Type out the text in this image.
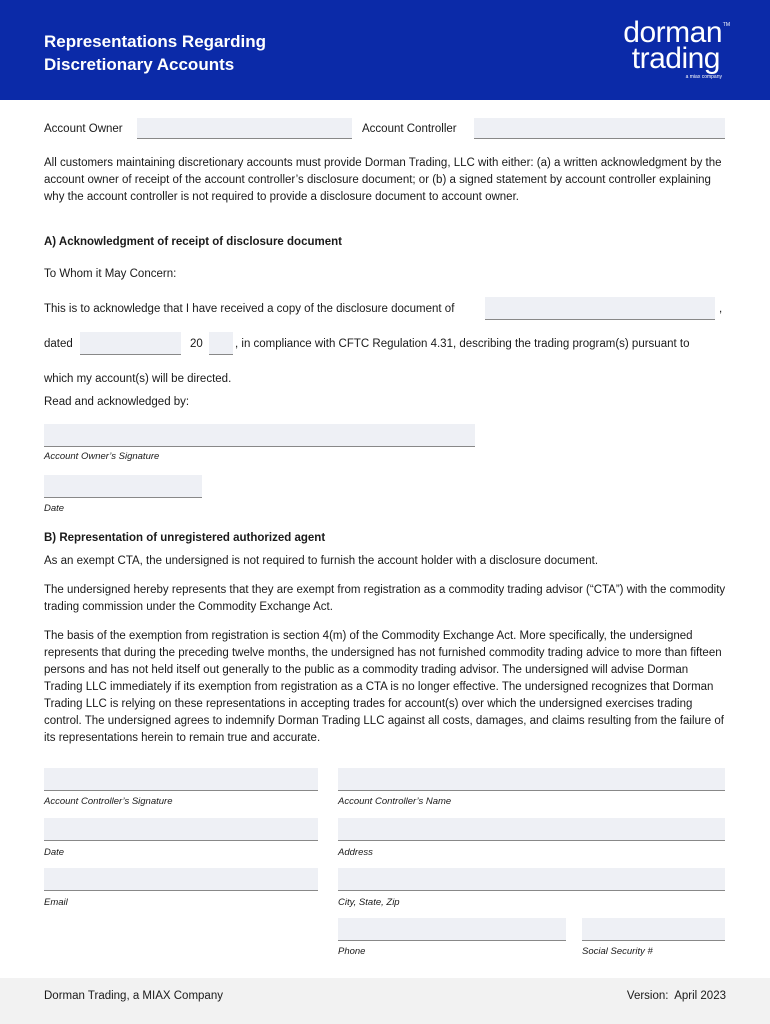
Representations Regarding
Discretionary Accounts
TM
dorman
trading
a miax company
Account Owner	Account Controller
All customers maintaining discretionary accounts must provide Dorman Trading, LLC with either: (a) a written acknowledgment by the account owner of receipt of the account controller’s disclosure document; or (b) a signed statement by account controller explaining why the account controller is not required to provide a disclosure document to account owner.
A) Acknowledgment of receipt of disclosure document
To Whom it May Concern:
This is to acknowledge that I have received a copy of the disclosure document of	,
dated	20	, in compliance with CFTC Regulation 4.31, describing the trading program(s) pursuant to
which my account(s) will be directed.
Read and acknowledged by:
Account Owner’s Signature
Date
B) Representation of unregistered authorized agent
As an exempt CTA, the undersigned is not required to furnish the account holder with a disclosure document.
The undersigned hereby represents that they are exempt from registration as a commodity trading advisor (“CTA”) with the commodity trading commission under the Commodity Exchange Act.
The basis of the exemption from registration is section 4(m) of the Commodity Exchange Act. More specifically, the undersigned represents that during the preceding twelve months, the undersigned has not furnished commodity trading advice to more than fifteen persons and has not held itself out generally to the public as a commodity trading advisor. The undersigned will advise Dorman Trading LLC immediately if its exemption from registration as a CTA is no longer effective. The undersigned recognizes that Dorman Trading LLC is relying on these representations in accepting trades for account(s) over which the undersigned exercises trading control. The undersigned agrees to indemnify Dorman Trading LLC against all costs, damages, and claims resulting from the failure of its representations herein to remain true and accurate.
Account Controller’s Signature	Account Controller’s Name
Date	Address
Email	City, State, Zip
Phone	Social Security #
Dorman Trading, a MIAX Company	Version:  April 2023
